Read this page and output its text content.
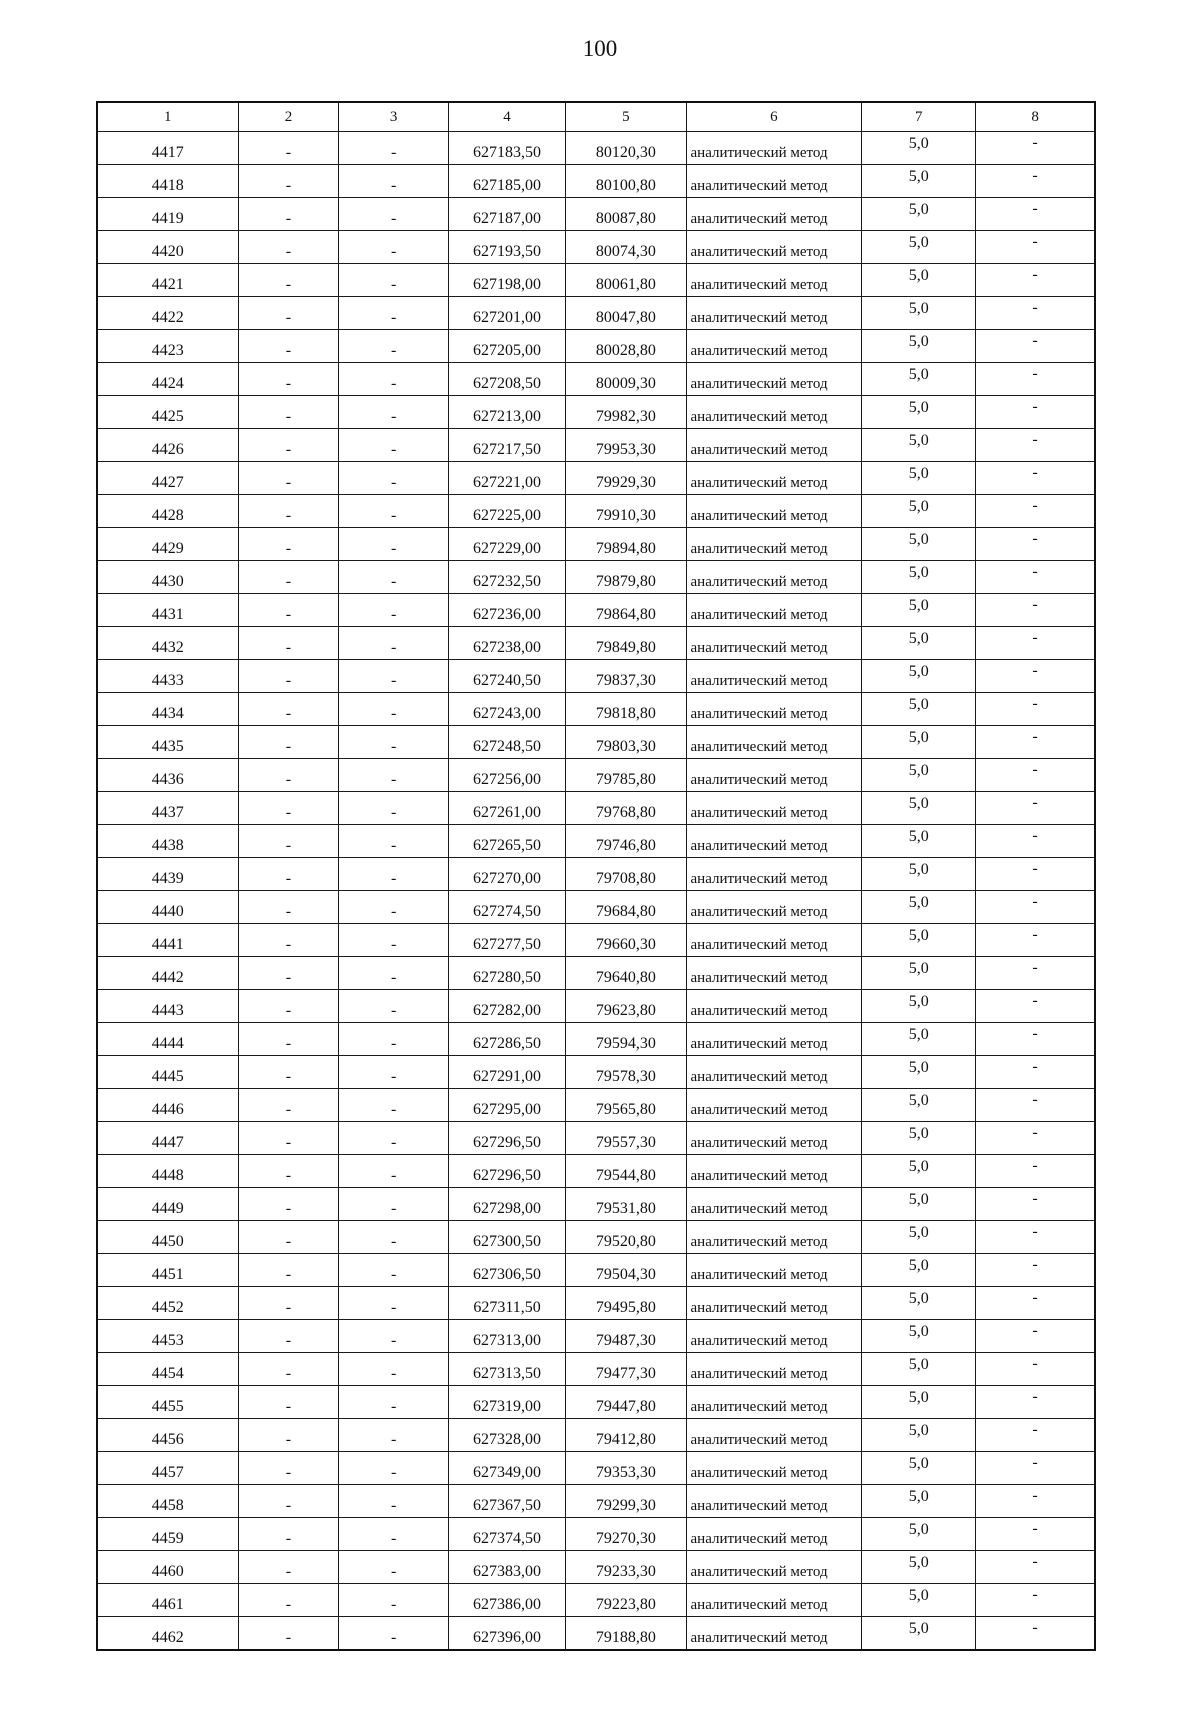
100
1	2	3	4	5	6	7	8
4417	-	-	627183,50	80120,30	аналитический метод	5,0	-
4418	-	-	627185,00	80100,80	аналитический метод	5,0	-
4419	-	-	627187,00	80087,80	аналитический метод	5,0	-
4420	-	-	627193,50	80074,30	аналитический метод	5,0	-
4421	-	-	627198,00	80061,80	аналитический метод	5,0	-
4422	-	-	627201,00	80047,80	аналитический метод	5,0	-
4423	-	-	627205,00	80028,80	аналитический метод	5,0	-
4424	-	-	627208,50	80009,30	аналитический метод	5,0	-
4425	-	-	627213,00	79982,30	аналитический метод	5,0	-
4426	-	-	627217,50	79953,30	аналитический метод	5,0	-
4427	-	-	627221,00	79929,30	аналитический метод	5,0	-
4428	-	-	627225,00	79910,30	аналитический метод	5,0	-
4429	-	-	627229,00	79894,80	аналитический метод	5,0	-
4430	-	-	627232,50	79879,80	аналитический метод	5,0	-
4431	-	-	627236,00	79864,80	аналитический метод	5,0	-
4432	-	-	627238,00	79849,80	аналитический метод	5,0	-
4433	-	-	627240,50	79837,30	аналитический метод	5,0	-
4434	-	-	627243,00	79818,80	аналитический метод	5,0	-
4435	-	-	627248,50	79803,30	аналитический метод	5,0	-
4436	-	-	627256,00	79785,80	аналитический метод	5,0	-
4437	-	-	627261,00	79768,80	аналитический метод	5,0	-
4438	-	-	627265,50	79746,80	аналитический метод	5,0	-
4439	-	-	627270,00	79708,80	аналитический метод	5,0	-
4440	-	-	627274,50	79684,80	аналитический метод	5,0	-
4441	-	-	627277,50	79660,30	аналитический метод	5,0	-
4442	-	-	627280,50	79640,80	аналитический метод	5,0	-
4443	-	-	627282,00	79623,80	аналитический метод	5,0	-
4444	-	-	627286,50	79594,30	аналитический метод	5,0	-
4445	-	-	627291,00	79578,30	аналитический метод	5,0	-
4446	-	-	627295,00	79565,80	аналитический метод	5,0	-
4447	-	-	627296,50	79557,30	аналитический метод	5,0	-
4448	-	-	627296,50	79544,80	аналитический метод	5,0	-
4449	-	-	627298,00	79531,80	аналитический метод	5,0	-
4450	-	-	627300,50	79520,80	аналитический метод	5,0	-
4451	-	-	627306,50	79504,30	аналитический метод	5,0	-
4452	-	-	627311,50	79495,80	аналитический метод	5,0	-
4453	-	-	627313,00	79487,30	аналитический метод	5,0	-
4454	-	-	627313,50	79477,30	аналитический метод	5,0	-
4455	-	-	627319,00	79447,80	аналитический метод	5,0	-
4456	-	-	627328,00	79412,80	аналитический метод	5,0	-
4457	-	-	627349,00	79353,30	аналитический метод	5,0	-
4458	-	-	627367,50	79299,30	аналитический метод	5,0	-
4459	-	-	627374,50	79270,30	аналитический метод	5,0	-
4460	-	-	627383,00	79233,30	аналитический метод	5,0	-
4461	-	-	627386,00	79223,80	аналитический метод	5,0	-
4462	-	-	627396,00	79188,80	аналитический метод	5,0	-
